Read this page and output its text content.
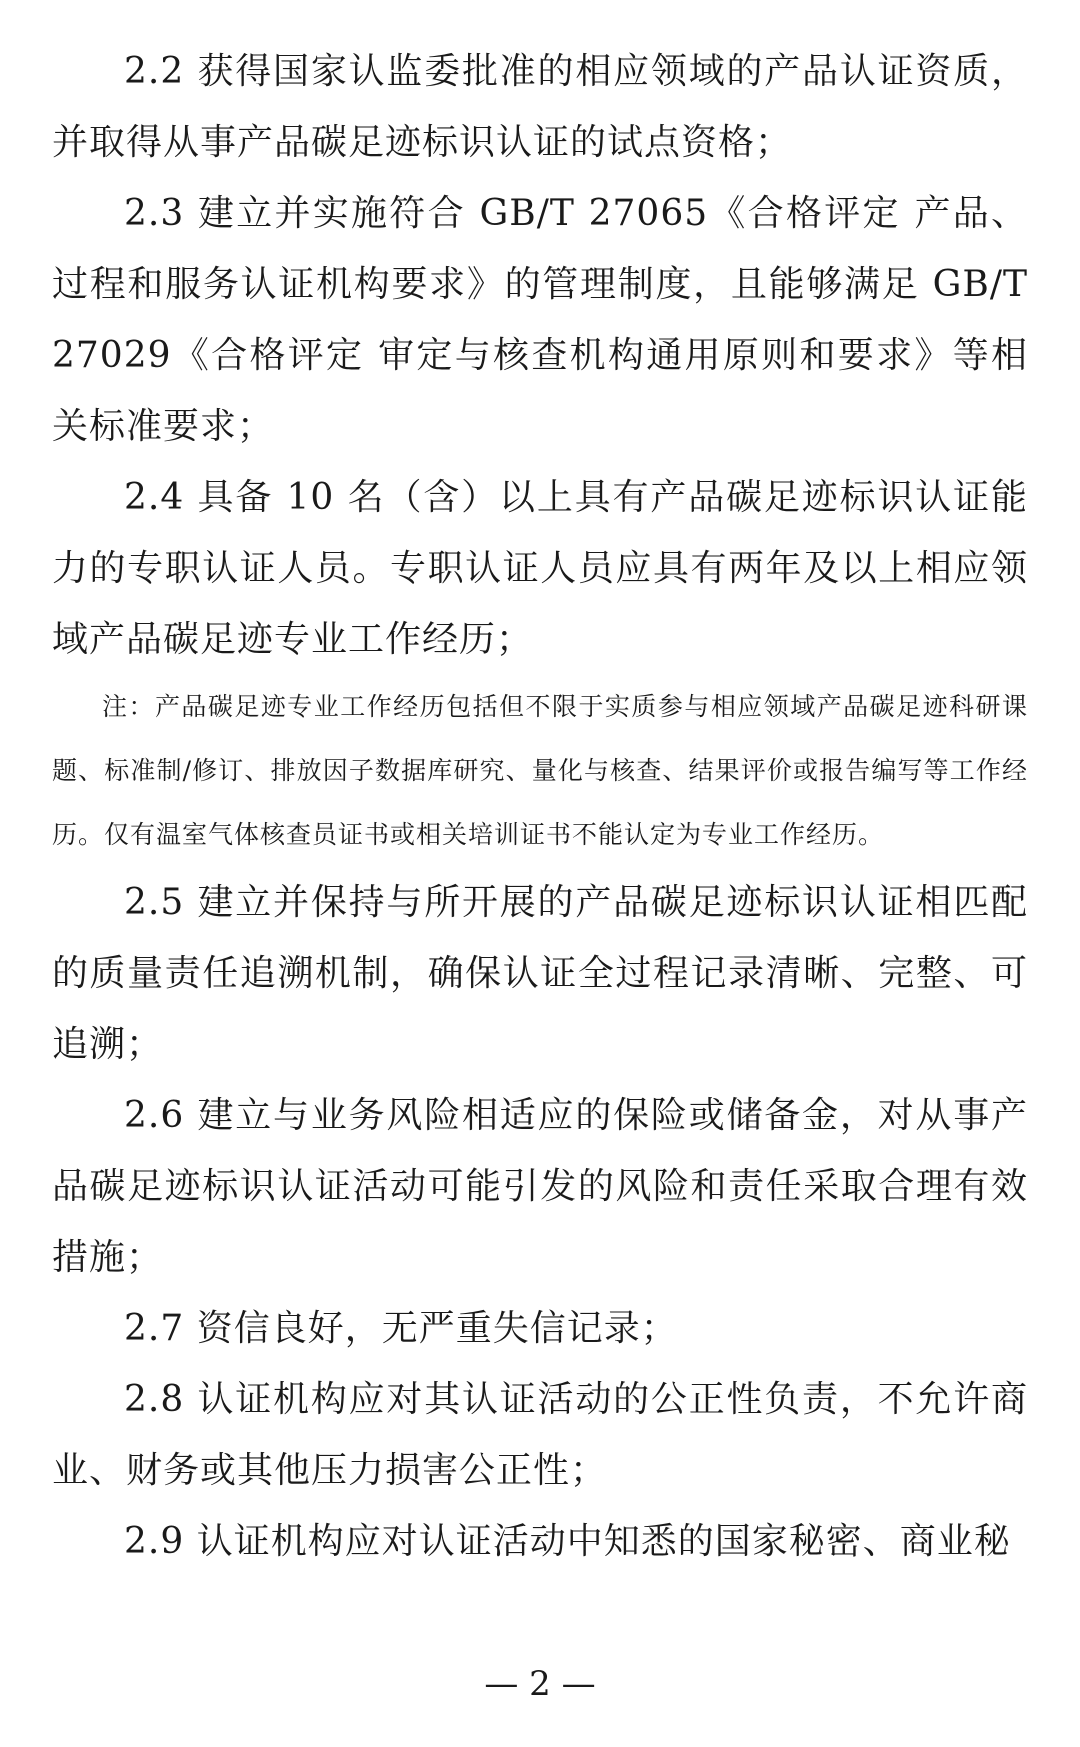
2.2 获得国家认监委批准的相应领域的产品认证资质，并取得从事产品碳足迹标识认证的试点资格；

2.3 建立并实施符合 GB/T 27065《合格评定 产品、过程和服务认证机构要求》的管理制度，且能够满足 GB/T 27029《合格评定 审定与核查机构通用原则和要求》等相关标准要求；

2.4 具备 10 名（含）以上具有产品碳足迹标识认证能力的专职认证人员。专职认证人员应具有两年及以上相应领域产品碳足迹专业工作经历；

注：产品碳足迹专业工作经历包括但不限于实质参与相应领域产品碳足迹科研课题、标准制/修订、排放因子数据库研究、量化与核查、结果评价或报告编写等工作经历。仅有温室气体核查员证书或相关培训证书不能认定为专业工作经历。

2.5 建立并保持与所开展的产品碳足迹标识认证相匹配的质量责任追溯机制，确保认证全过程记录清晰、完整、可追溯；

2.6 建立与业务风险相适应的保险或储备金，对从事产品碳足迹标识认证活动可能引发的风险和责任采取合理有效措施；

2.7 资信良好，无严重失信记录；

2.8 认证机构应对其认证活动的公正性负责，不允许商业、财务或其他压力损害公正性；

2.9 认证机构应对认证活动中知悉的国家秘密、商业秘

— 2 —
